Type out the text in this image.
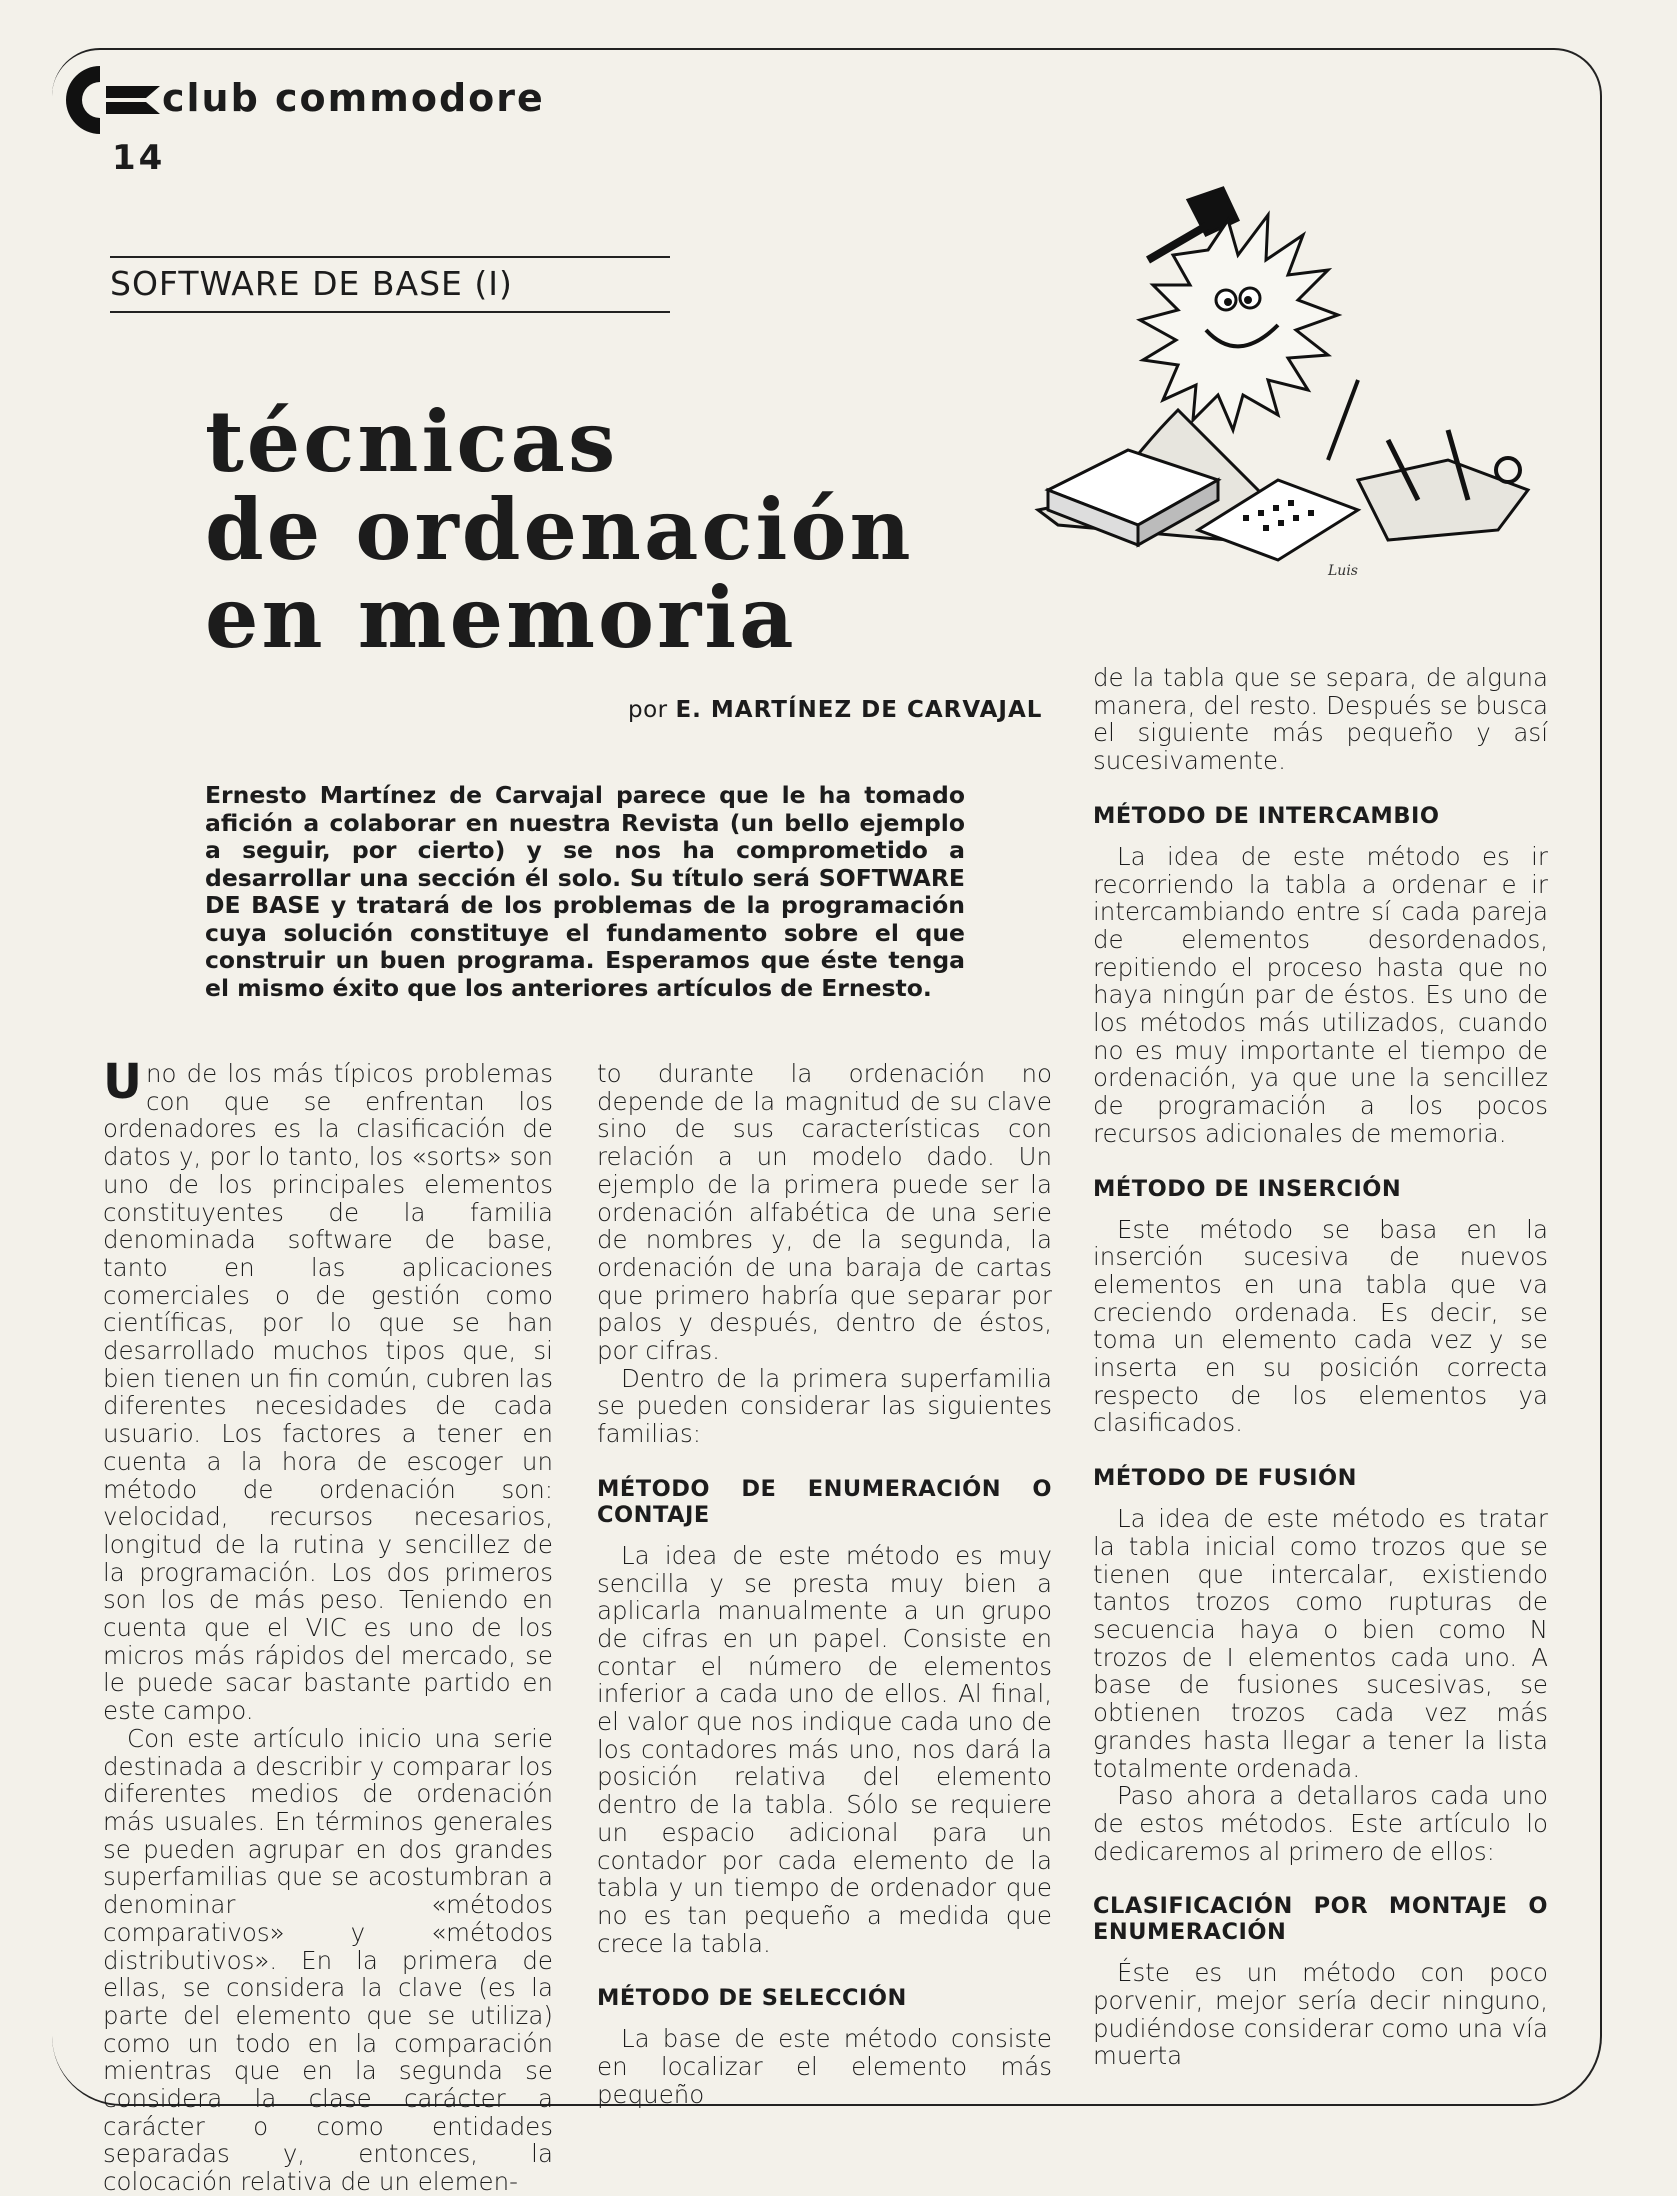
club commodore
14
SOFTWARE DE BASE (I)
técnicas
de ordenación
en memoria	Luis
por E. MARTÍNEZ DE CARVAJAL
Ernesto Martínez de Carvajal parece que le ha tomado afición a colaborar en nuestra Revista (un bello ejemplo a seguir, por cierto) y se nos ha comprometido a desarrollar una sección él solo. Su título será SOFTWARE DE BASE y tratará de los problemas de la programación cuya solución constituye el fundamento sobre el que construir un buen programa. Esperamos que éste tenga el mismo éxito que los anteriores artículos de Ernesto.

Uno de los más típicos problemas con que se enfrentan los ordenadores es la clasificación de datos y, por lo tanto, los «sorts» son uno de los principales elementos constituyentes de la familia denominada software de base, tanto en las aplicaciones comerciales o de gestión como científicas, por lo que se han desarrollado muchos tipos que, si bien tienen un fin común, cubren las diferentes necesidades de cada usuario. Los factores a tener en cuenta a la hora de escoger un método de ordenación son: velocidad, recursos necesarios, longitud de la rutina y sencillez de la programación. Los dos primeros son los de más peso. Teniendo en cuenta que el VIC es uno de los micros más rápidos del mercado, se le puede sacar bastante partido en este campo.

Con este artículo inicio una serie destinada a describir y comparar los diferentes medios de ordenación más usuales. En términos generales se pueden agrupar en dos grandes superfamilias que se acostumbran a denominar «métodos comparativos» y «métodos distributivos». En la primera de ellas, se considera la clave (es la parte del elemento que se utiliza) como un todo en la comparación mientras que en la segunda se considera la clase carácter a carácter o como entidades separadas y, entonces, la colocación relativa de un elemen-

to durante la ordenación no depende de la magnitud de su clave sino de sus características con relación a un modelo dado. Un ejemplo de la primera puede ser la ordenación alfabética de una serie de nombres y, de la segunda, la ordenación de una baraja de cartas que primero habría que separar por palos y después, dentro de éstos, por cifras.

Dentro de la primera superfamilia se pueden considerar las siguientes familias:

MÉTODO DE ENUMERACIÓN O CONTAJE

La idea de este método es muy sencilla y se presta muy bien a aplicarla manualmente a un grupo de cifras en un papel. Consiste en contar el número de elementos inferior a cada uno de ellos. Al final, el valor que nos indique cada uno de los contadores más uno, nos dará la posición relativa del elemento dentro de la tabla. Sólo se requiere un espacio adicional para un contador por cada elemento de la tabla y un tiempo de ordenador que no es tan pequeño a medida que crece la tabla.

MÉTODO DE SELECCIÓN

La base de este método consiste en localizar el elemento más pequeño

de la tabla que se separa, de alguna manera, del resto. Después se busca el siguiente más pequeño y así sucesivamente.

MÉTODO DE INTERCAMBIO

La idea de este método es ir recorriendo la tabla a ordenar e ir intercambiando entre sí cada pareja de elementos desordenados, repitiendo el proceso hasta que no haya ningún par de éstos. Es uno de los métodos más utilizados, cuando no es muy importante el tiempo de ordenación, ya que une la sencillez de programación a los pocos recursos adicionales de memoria.

MÉTODO DE INSERCIÓN

Este método se basa en la inserción sucesiva de nuevos elementos en una tabla que va creciendo ordenada. Es decir, se toma un elemento cada vez y se inserta en su posición correcta respecto de los elementos ya clasificados.

MÉTODO DE FUSIÓN

La idea de este método es tratar la tabla inicial como trozos que se tienen que intercalar, existiendo tantos trozos como rupturas de secuencia haya o bien como N trozos de I elementos cada uno. A base de fusiones sucesivas, se obtienen trozos cada vez más grandes hasta llegar a tener la lista totalmente ordenada.

Paso ahora a detallaros cada uno de estos métodos. Este artículo lo dedicaremos al primero de ellos:

CLASIFICACIÓN POR MONTAJE O ENUMERACIÓN

Éste es un método con poco porvenir, mejor sería decir ninguno, pudiéndose considerar como una vía muerta
